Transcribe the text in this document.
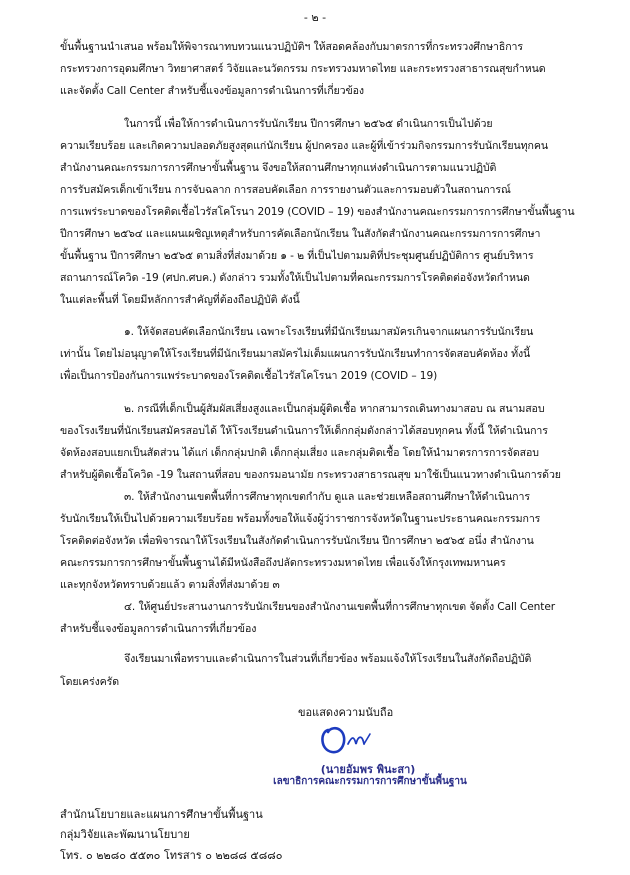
- ๒ -
ขั้นพื้นฐานนำเสนอ พร้อมให้พิจารณาทบทวนแนวปฏิบัติฯ ให้สอดคล้องกับมาตรการที่กระทรวงศึกษาธิการ
กระทรวงการอุดมศึกษา วิทยาศาสตร์ วิจัยและนวัตกรรม กระทรวงมหาดไทย และกระทรวงสาธารณสุขกำหนด
และจัดตั้ง Call Center สำหรับชี้แจงข้อมูลการดำเนินการที่เกี่ยวข้อง
ในการนี้ เพื่อให้การดำเนินการรับนักเรียน ปีการศึกษา ๒๕๖๕ ดำเนินการเป็นไปด้วย
ความเรียบร้อย และเกิดความปลอดภัยสูงสุดแก่นักเรียน ผู้ปกครอง และผู้ที่เข้าร่วมกิจกรรมการรับนักเรียนทุกคน
สำนักงานคณะกรรมการการศึกษาขั้นพื้นฐาน จึงขอให้สถานศึกษาทุกแห่งดำเนินการตามแนวปฏิบัติ
การรับสมัครเด็กเข้าเรียน การจับฉลาก การสอบคัดเลือก การรายงานตัวและการมอบตัวในสถานการณ์
การแพร่ระบาดของโรคติดเชื้อไวรัสโคโรนา 2019 (COVID – 19) ของสำนักงานคณะกรรมการการศึกษาขั้นพื้นฐาน
ปีการศึกษา ๒๕๖๔ และแผนเผชิญเหตุสำหรับการคัดเลือกนักเรียน ในสังกัดสำนักงานคณะกรรมการการศึกษา
ขั้นพื้นฐาน ปีการศึกษา ๒๕๖๕ ตามสิ่งที่ส่งมาด้วย ๑ - ๒ ที่เป็นไปตามมติที่ประชุมศูนย์ปฏิบัติการ ศูนย์บริหาร
สถานการณ์โควิด -19 (ศปก.ศบค.) ดังกล่าว รวมทั้งให้เป็นไปตามที่คณะกรรมการโรคติดต่อจังหวัดกำหนด
ในแต่ละพื้นที่ โดยมีหลักการสำคัญที่ต้องถือปฏิบัติ ดังนี้
๑. ให้จัดสอบคัดเลือกนักเรียน เฉพาะโรงเรียนที่มีนักเรียนมาสมัครเกินจากแผนการรับนักเรียน
เท่านั้น โดยไม่อนุญาตให้โรงเรียนที่มีนักเรียนมาสมัครไม่เต็มแผนการรับนักเรียนทำการจัดสอบคัดห้อง ทั้งนี้
เพื่อเป็นการป้องกันการแพร่ระบาดของโรคติดเชื้อไวรัสโคโรนา 2019 (COVID – 19)
๒. กรณีที่เด็กเป็นผู้สัมผัสเสี่ยงสูงและเป็นกลุ่มผู้ติดเชื้อ หากสามารถเดินทางมาสอบ ณ สนามสอบ
ของโรงเรียนที่นักเรียนสมัครสอบได้ ให้โรงเรียนดำเนินการให้เด็กกลุ่มดังกล่าวได้สอบทุกคน ทั้งนี้ ให้ดำเนินการ
จัดห้องสอบแยกเป็นสัดส่วน ได้แก่ เด็กกลุ่มปกติ เด็กกลุ่มเสี่ยง และกลุ่มติดเชื้อ โดยให้นำมาตรการการจัดสอบ
สำหรับผู้ติดเชื้อโควิด -19 ในสถานที่สอบ ของกรมอนามัย กระทรวงสาธารณสุข มาใช้เป็นแนวทางดำเนินการด้วย
๓. ให้สำนักงานเขตพื้นที่การศึกษาทุกเขตกำกับ ดูแล และช่วยเหลือสถานศึกษาให้ดำเนินการ
รับนักเรียนให้เป็นไปด้วยความเรียบร้อย พร้อมทั้งขอให้แจ้งผู้ว่าราชการจังหวัดในฐานะประธานคณะกรรมการ
โรคติดต่อจังหวัด เพื่อพิจารณาให้โรงเรียนในสังกัดดำเนินการรับนักเรียน ปีการศึกษา ๒๕๖๕ อนึ่ง สำนักงาน
คณะกรรมการการศึกษาขั้นพื้นฐานได้มีหนังสือถึงปลัดกระทรวงมหาดไทย เพื่อแจ้งให้กรุงเทพมหานคร
และทุกจังหวัดทราบด้วยแล้ว ตามสิ่งที่ส่งมาด้วย ๓
๔. ให้ศูนย์ประสานงานการรับนักเรียนของสำนักงานเขตพื้นที่การศึกษาทุกเขต จัดตั้ง Call Center
สำหรับชี้แจงข้อมูลการดำเนินการที่เกี่ยวข้อง
จึงเรียนมาเพื่อทราบและดำเนินการในส่วนที่เกี่ยวข้อง พร้อมแจ้งให้โรงเรียนในสังกัดถือปฏิบัติ
โดยเคร่งครัด
ขอแสดงความนับถือ
(นายอัมพร พินะสา)
เลขาธิการคณะกรรมการการศึกษาขั้นพื้นฐาน
สำนักนโยบายและแผนการศึกษาขั้นพื้นฐาน
กลุ่มวิจัยและพัฒนานโยบาย
โทร. ๐ ๒๒๘๐ ๕๕๓๐ โทรสาร ๐ ๒๒๘๘ ๕๘๘๐
